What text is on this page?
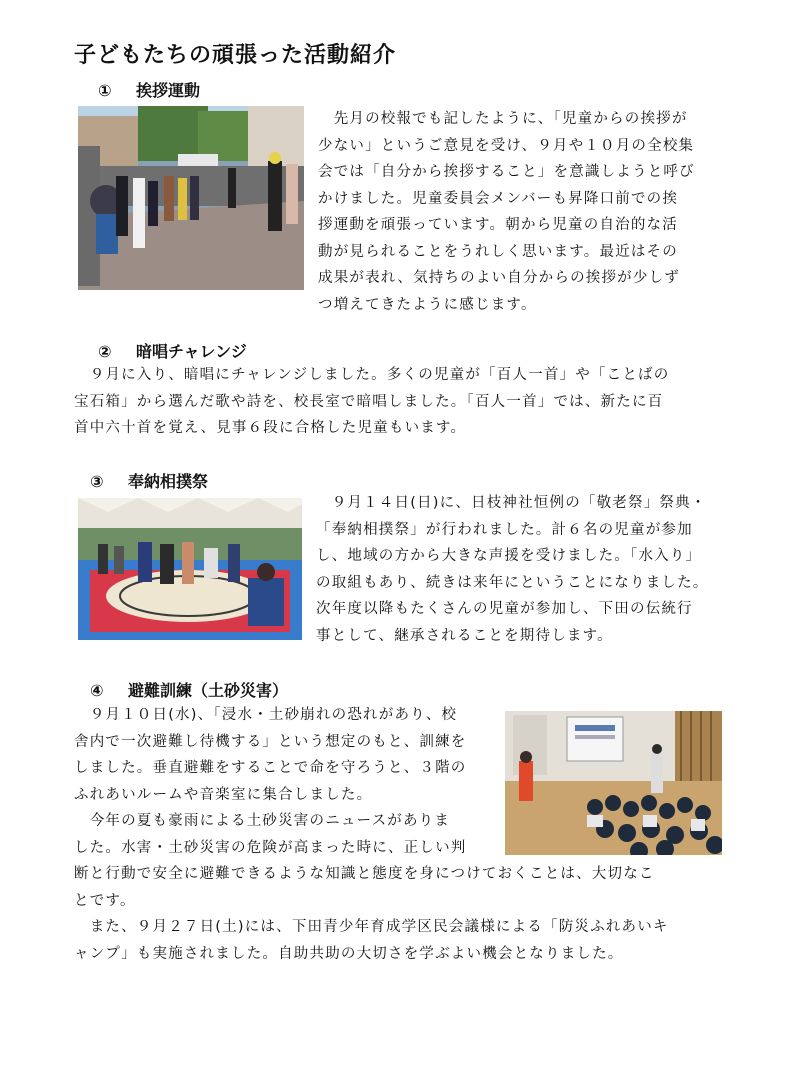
子どもたちの頑張った活動紹介
① 挨拶運動
　先月の校報でも記したように、「児童からの挨拶が
少ない」というご意見を受け、９月や１０月の全校集
会では「自分から挨拶すること」を意識しようと呼び
かけました。児童委員会メンバーも昇降口前での挨
拶運動を頑張っています。朝から児童の自治的な活
動が見られることをうれしく思います。最近はその
成果が表れ、気持ちのよい自分からの挨拶が少しず
つ増えてきたように感じます。
② 暗唱チャレンジ
　９月に入り、暗唱にチャレンジしました。多くの児童が「百人一首」や「ことばの
宝石箱」から選んだ歌や詩を、校長室で暗唱しました。「百人一首」では、新たに百
首中六十首を覚え、見事６段に合格した児童もいます。
③ 奉納相撲祭
　９月１４日(日)に、日枝神社恒例の「敬老祭」祭典・
「奉納相撲祭」が行われました。計６名の児童が参加
し、地域の方から大きな声援を受けました。｢水入り｣
の取組もあり、続きは来年にということになりました。
次年度以降もたくさんの児童が参加し、下田の伝統行
事として、継承されることを期待します。
④ 避難訓練（土砂災害）
　９月１０日(水)、「浸水・土砂崩れの恐れがあり、校
舎内で一次避難し待機する」という想定のもと、訓練を
しました。垂直避難をすることで命を守ろうと、３階の
ふれあいルームや音楽室に集合しました。
　今年の夏も豪雨による土砂災害のニュースがありま
した。水害・土砂災害の危険が高まった時に、正しい判
断と行動で安全に避難できるような知識と態度を身につけておくことは、大切なこ
とです。
　また、９月２７日(土)には、下田青少年育成学区民会議様による「防災ふれあいキ
ャンプ」も実施されました。自助共助の大切さを学ぶよい機会となりました。
